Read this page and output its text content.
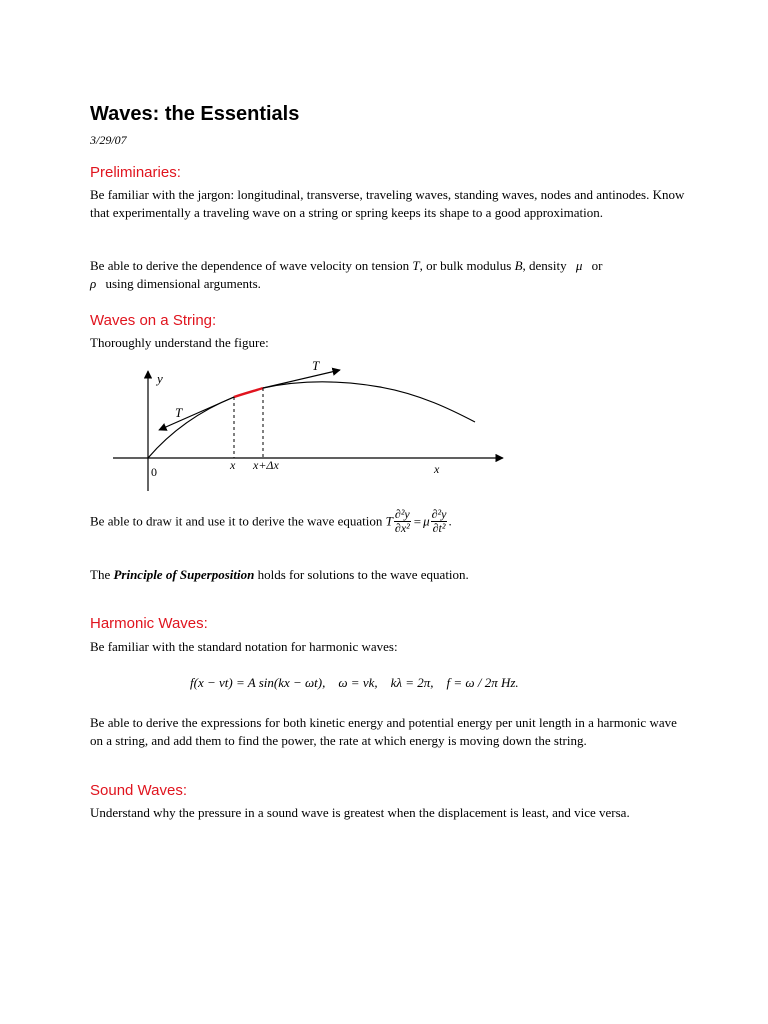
Waves: the Essentials
3/29/07
Preliminaries:
Be familiar with the jargon: longitudinal, transverse, traveling waves, standing waves, nodes and antinodes. Know that experimentally a traveling wave on a string or spring keeps its shape to a good approximation.
Be able to derive the dependence of wave velocity on tension T, or bulk modulus B, density μ or
ρ using dimensional arguments.
Waves on a String:
Thoroughly understand the figure:
y
T
T
0	x x+Δx	x
Be able to draw it and use it to derive the wave equation T $\frac{\text{∂²y}}{\text{∂x²}} = \mu \frac{\text{∂²y}}{\text{∂t²}}$ .
The Principle of Superposition holds for solutions to the wave equation.
Harmonic Waves:
Be familiar with the standard notation for harmonic waves:
f(x − vt) = A sin(kx − ωt),    ω = vk,    kλ = 2π,    f = ω / 2π Hz.
Be able to derive the expressions for both kinetic energy and potential energy per unit length in a harmonic wave on a string, and add them to find the power, the rate at which energy is moving down the string.
Sound Waves:
Understand why the pressure in a sound wave is greatest when the displacement is least, and vice versa.
